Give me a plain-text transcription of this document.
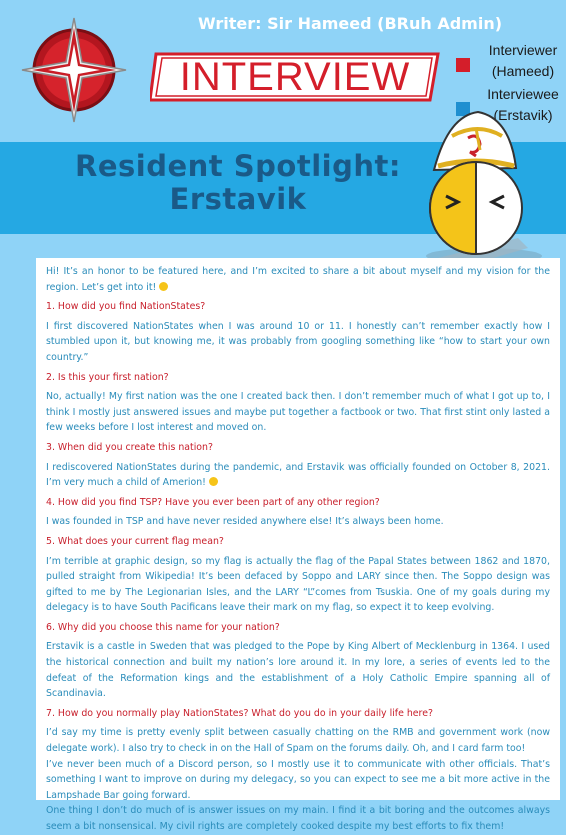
INTERVIEW
Writer: Sir Hameed (BRuh Admin)
Interviewer (Hameed)
Interviewee (Erstavik)
Resident Spotlight:
Erstavik

Hi! It’s an honor to be featured here, and I’m excited to share a bit about myself and my vision for the region. Let’s get into it!

1. How did you find NationStates?

I first discovered NationStates when I was around 10 or 11. I honestly can’t remember exactly how I stumbled upon it, but knowing me, it was probably from googling something like “how to start your own country.”

2. Is this your first nation?

No, actually! My first nation was the one I created back then. I don’t remember much of what I got up to, I think I mostly just answered issues and maybe put together a factbook or two. That first stint only lasted a few weeks before I lost interest and moved on.

3. When did you create this nation?

I rediscovered NationStates during the pandemic, and Erstavik was officially founded on October 8, 2021. I’m very much a child of Amerion!

4. How did you find TSP? Have you ever been part of any other region?

I was founded in TSP and have never resided anywhere else! It’s always been home.

5. What does your current flag mean?

I’m terrible at graphic design, so my flag is actually the flag of the Papal States between 1862 and 1870, pulled straight from Wikipedia! It’s been defaced by Soppo and LARY since then. The Soppo design was gifted to me by The Legionarian Isles, and the LARY “L”comes from Tsuskia. One of my goals during my delegacy is to have South Pacificans leave their mark on my flag, so expect it to keep evolving.

6. Why did you choose this name for your nation?

Erstavik is a castle in Sweden that was pledged to the Pope by King Albert of Mecklenburg in 1364. I used the historical connection and built my nation’s lore around it. In my lore, a series of events led to the defeat of the Reformation kings and the establishment of a Holy Catholic Empire spanning all of Scandinavia.

7. How do you normally play NationStates? What do you do in your daily life here?

I’d say my time is pretty evenly split between casually chatting on the RMB and government work (now delegate work). I also try to check in on the Hall of Spam on the forums daily. Oh, and I card farm too!

I’ve never been much of a Discord person, so I mostly use it to communicate with other officials. That’s something I want to improve on during my delegacy, so you can expect to see me a bit more active in the Lampshade Bar going forward.

One thing I don’t do much of is answer issues on my main. I find it a bit boring and the outcomes always seem a bit nonsensical. My civil rights are completely cooked despite my best efforts to fix them!
